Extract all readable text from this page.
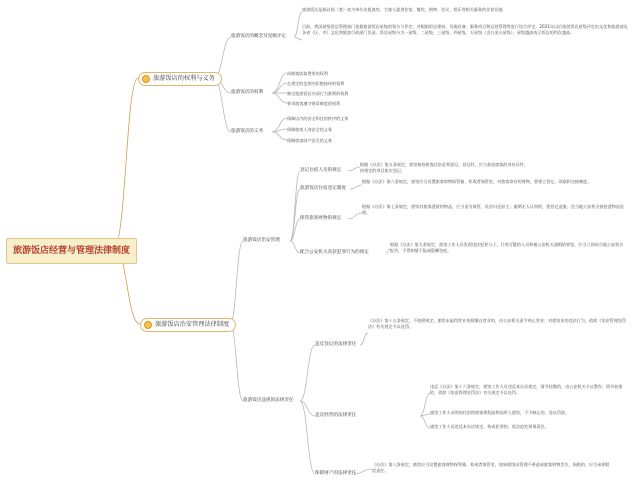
旅游饭店经营与管理法律制度
旅游饭店的权利与义务
旅游饭店的概念及星级评定
旅游饭店是指以间（套）夜为单位出租客房，为客人提供住宿、餐饮、购物、会议、娱乐等相关服务的住宿设施
目前，我国星级饭店管理部门依据旅游饭店星级的划分与评定，并根据饭店建筑、设施设备、服务项目和运营管理等进行综合评定。2021年以后旅游饭店星级评定由文化和旅游部及各省（区、市）文化和旅游行政部门负责。饭店星级分为一星级、二星级、三星级、四星级、五星级（含白金五星级），星级越高表示饭店的档次越高。
旅游饭店的权利
向顾客收取费用的权利
在规定的范围内拒绝接待的权利
制定旅游饭店内部行为准则的权利
要求旅客遵守规章制度的权利
旅游饭店的义务
保障店内的安全和住宿秩序的义务
保障旅客人身安全的义务
保障旅客财产安全的义务
旅游饭店治安管理法律制度
旅游饭店治安管理
登记住宿人员的规定
根据《办法》第五条规定，旅馆接待旅客住宿必须登记。登记时，应当查验旅客的身份证件，按规定的项目如实登记。
旅游饭店住宿登记制度
根据《办法》第六条规定，旅馆应当设置旅客财物保管箱、柜或者保管室，对旅客寄存的财物，要建立登记、领取和交接制度。
保管旅客财物的规定
根据《办法》第七条规定，旅馆对旅客遗留的物品，应当妥为保管，设法归还原主；逾期无人认领的，要登记造册，送当地公安机关按拾遗物品处理。
配合公安机关查获犯罪行为的规定
根据《办法》第九条规定，旅馆工作人员发现违法犯罪分子，行迹可疑的人员和被公安机关通缉的罪犯，应当立即向当地公安机关报告，不得知情不报或隐瞒包庇。
旅游饭店违规的法律责任
违反登记的法律责任
《办法》第十五条规定，不按照规定，旅馆未取得营业执照擅自营业的，由公安机关责令停止营业；对旅馆业的违法行为，依照《治安管理处罚法》有关规定予以处罚。
违反经营的法律责任
违反《办法》第十六条规定，旅馆工作人员违反本办法规定，情节轻微的，由公安机关予以警告；情节较重的，依照《治安管理处罚法》有关规定予以处罚。
旅馆工作人员明知住宿的旅客将危险物品带入旅馆，不予制止的，处以罚款。
旅馆工作人员违反本办法规定，构成犯罪的，依法追究刑事责任。
保障财产的法律责任
《办法》第八条规定，旅馆应当设置旅客财物保管箱、柜或者保管室，如果旅馆因管理不善造成旅客财物丢失、损毁的，应当承担赔偿责任。
